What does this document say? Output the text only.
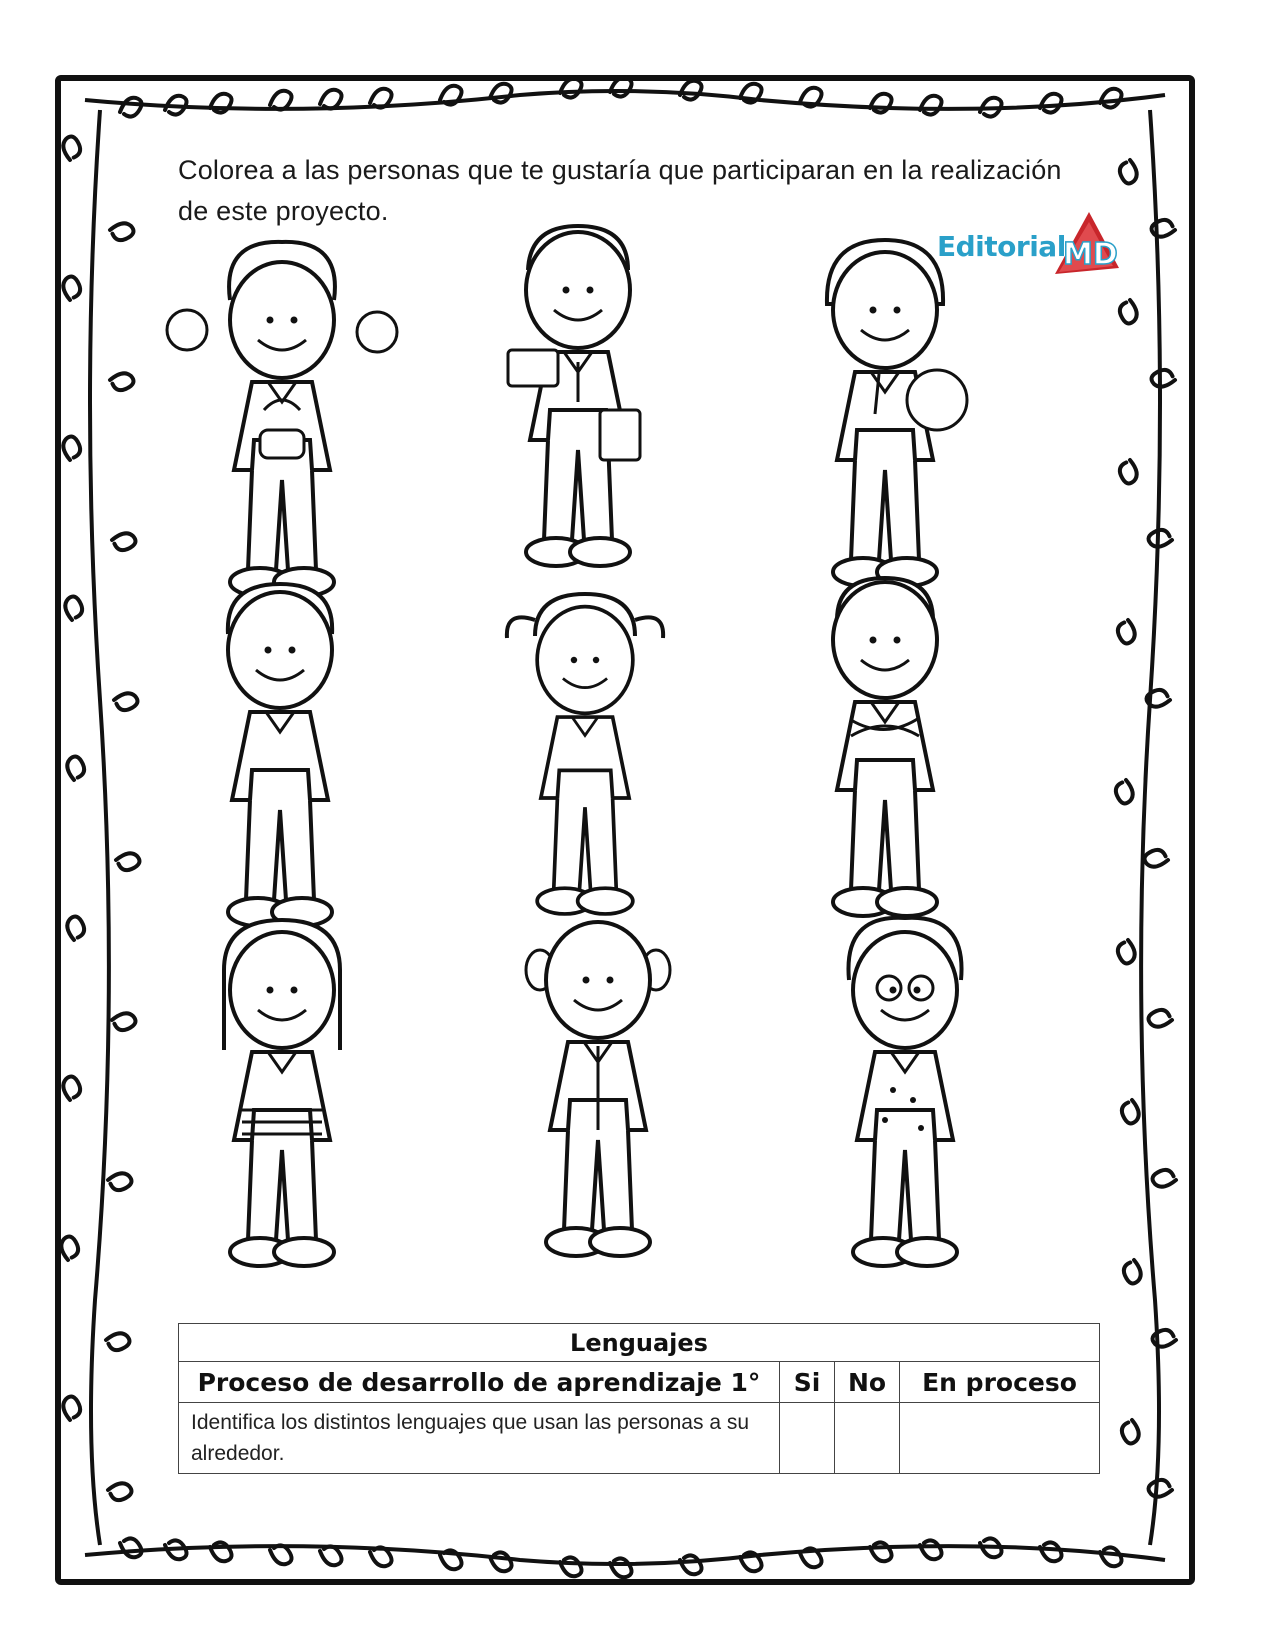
Colorea a las personas que te gustaría que participaran en la realización de este proyecto.
Editorial
MD
Lenguajes			
Proceso de desarrollo de aprendizaje 1°	Si	No	En proceso
Identifica los distintos lenguajes que usan las personas a su alrededor.			
